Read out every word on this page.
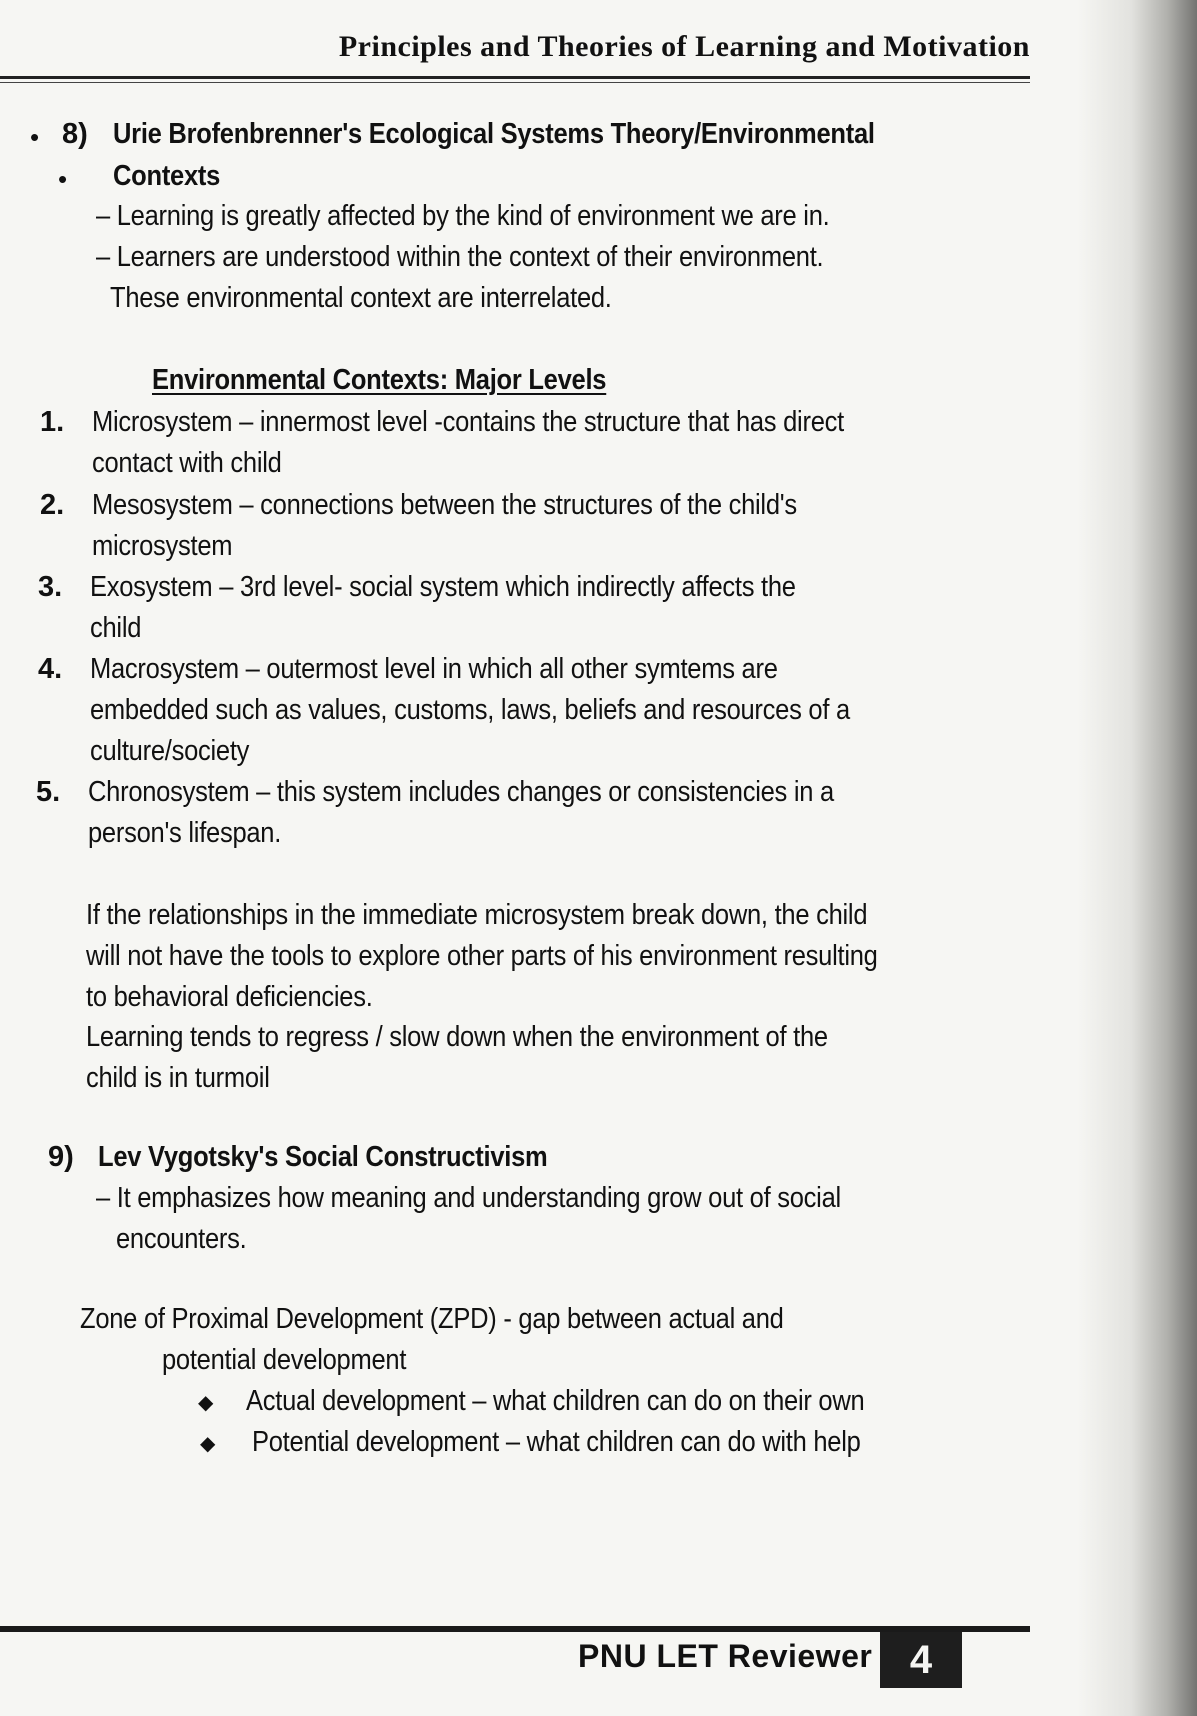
Principles and Theories of Learning and Motivation
• 8) Urie Brofenbrenner's Ecological Systems Theory/Environmental
• Contexts
– Learning is greatly affected by the kind of environment we are in.
– Learners are understood within the context of their environment.
These environmental context are interrelated.
Environmental Contexts: Major Levels
1. Microsystem – innermost level -contains the structure that has direct
contact with child
2. Mesosystem – connections between the structures of the child's
microsystem
3. Exosystem – 3rd level- social system which indirectly affects the
child
4. Macrosystem – outermost level in which all other symtems are
embedded such as values, customs, laws, beliefs and resources of a
culture/society
5. Chronosystem – this system includes changes or consistencies in a
person's lifespan.
If the relationships in the immediate microsystem break down, the child
will not have the tools to explore other parts of his environment resulting
to behavioral deficiencies.
Learning tends to regress / slow down when the environment of the
child is in turmoil
9) Lev Vygotsky's Social Constructivism
– It emphasizes how meaning and understanding grow out of social
encounters.
Zone of Proximal Development (ZPD) - gap between actual and
potential development
◆ Actual development – what children can do on their own
◆ Potential development – what children can do with help
PNU LET Reviewer 4
